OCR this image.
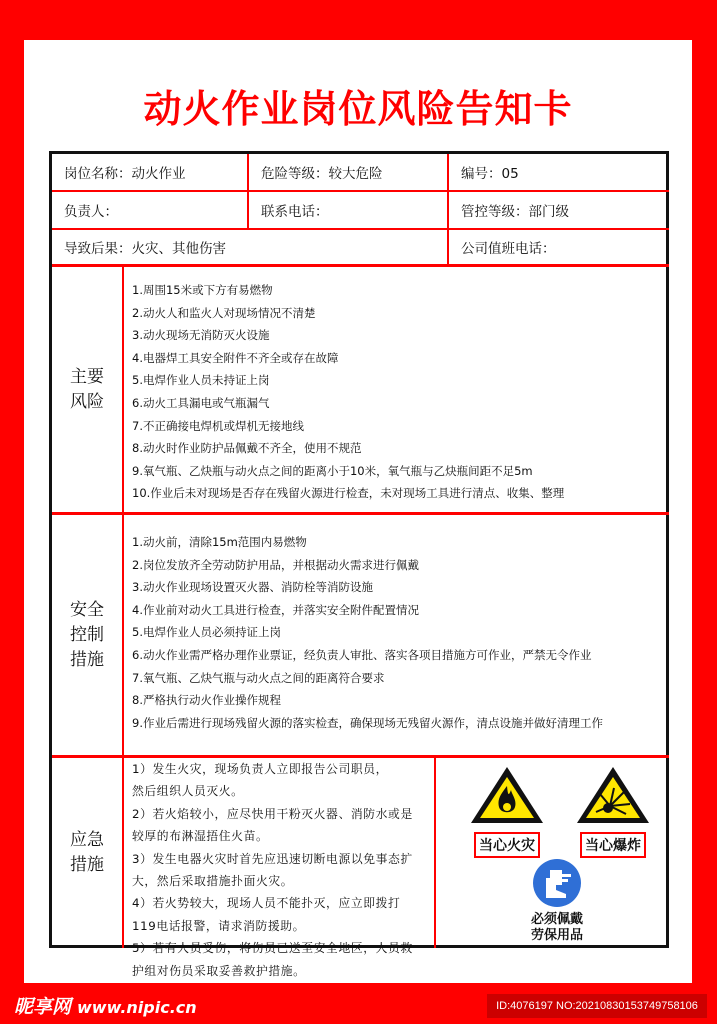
动火作业岗位风险告知卡
岗位名称：动火作业	危险等级：较大危险	编号：05
负责人：	联系电话：	管控等级：部门级
导致后果：火灾、其他伤害	公司值班电话：
主要
风险
1.周围15米或下方有易燃物
2.动火人和监火人对现场情况不清楚
3.动火现场无消防灭火设施
4.电器焊工具安全附件不齐全或存在故障
5.电焊作业人员未持证上岗
6.动火工具漏电或气瓶漏气
7.不正确接电焊机或焊机无接地线
8.动火时作业防护品佩戴不齐全，使用不规范
9.氧气瓶、乙炔瓶与动火点之间的距离小于10米，氧气瓶与乙炔瓶间距不足5m
10.作业后未对现场是否存在残留火源进行检查，未对现场工具进行清点、收集、整理
安全
控制
措施
1.动火前，清除15m范围内易燃物
2.岗位发放齐全劳动防护用品，并根据动火需求进行佩戴
3.动火作业现场设置灭火器、消防栓等消防设施
4.作业前对动火工具进行检查，并落实安全附件配置情况
5.电焊作业人员必须持证上岗
6.动火作业需严格办理作业票证，经负责人审批、落实各项目措施方可作业，严禁无令作业
7.氧气瓶、乙炔气瓶与动火点之间的距离符合要求
8.严格执行动火作业操作规程
9.作业后需进行现场残留火源的落实检查，确保现场无残留火源作，清点设施并做好清理工作
应急
措施
1）发生火灾，现场负责人立即报告公司职员，
然后组织人员灭火。
2）若火焰较小，应尽快用干粉灭火器、消防水或是
较厚的布淋湿捂住火苗。
3）发生电器火灾时首先应迅速切断电源以免事态扩
大，然后采取措施扑面火灾。
4）若火势较大，现场人员不能扑灭，应立即拨打
119电话报警，请求消防援助。
5）若有人员受伤，将伤员已送至安全地区，人员救
护组对伤员采取妥善救护措施。
当心火灾	当心爆炸
必须佩戴
劳保用品
昵享网 www.nipic.cn	ID:4076197 NO:20210830153749758106
